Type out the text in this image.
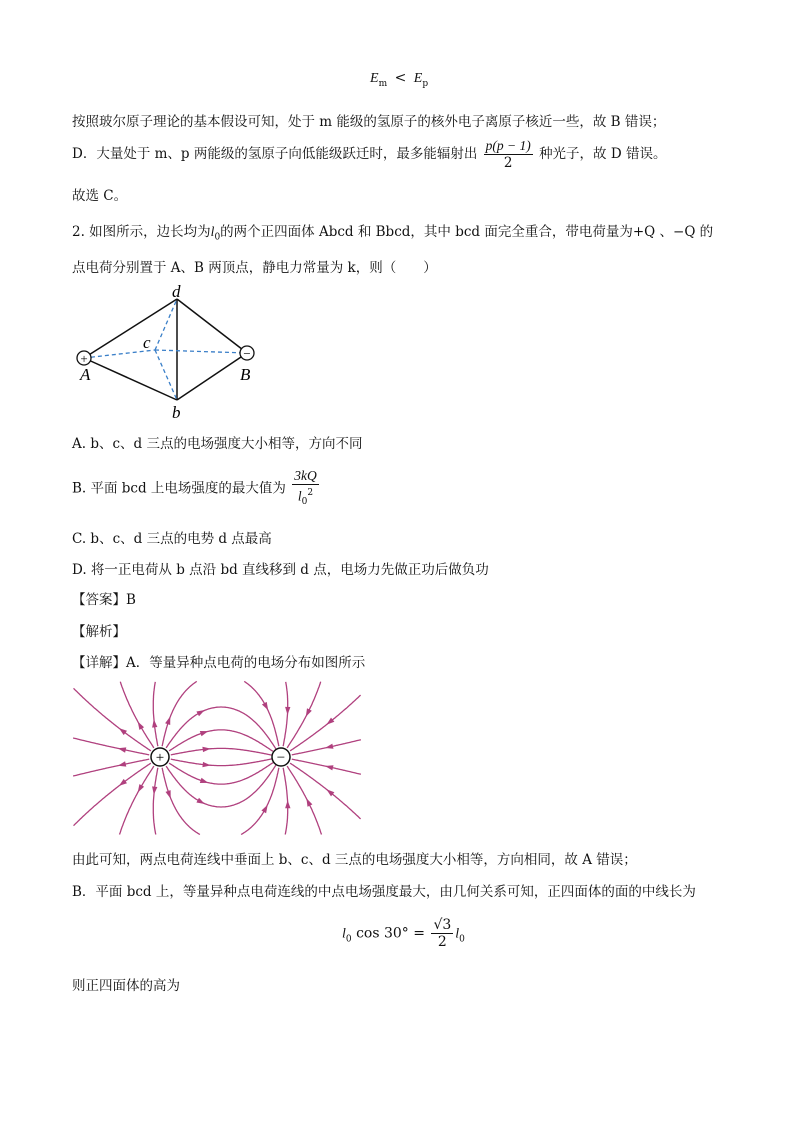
$E_m < E_p$
按照玻尔原子理论的基本假设可知，处于 m 能级的氢原子的核外电子离原子核近一些，故 B 错误；
D．大量处于 m、p 两能级的氢原子向低能级跃迁时，最多能辐射出 $\frac{p(p - 1)}{2}$ 种光子，故 D 错误。
故选 C。
2. 如图所示，边长均为$l_0$的两个正四面体 Abcd 和 Bbcd，其中 bcd 面完全重合，带电荷量为+Q 、−Q 的
点电荷分别置于 A、B 两顶点，静电力常量为 k，则（　　）
+	−
d
c
A	B
b
A. b、c、d 三点的电场强度大小相等，方向不同
B. 平面 bcd 上电场强度的最大值为 $\frac{3kQ}{l_0^2}$
C. b、c、d 三点的电势 d 点最高
D. 将一正电荷从 b 点沿 bd 直线移到 d 点，电场力先做正功后做负功
【答案】B
【解析】
【详解】A．等量异种点电荷的电场分布如图所示
+	−
由此可知，两点电荷连线中垂面上 b、c、d 三点的电场强度大小相等，方向相同，故 A 错误；
B．平面 bcd 上，等量异种点电荷连线的中点电场强度最大，由几何关系可知，正四面体的面的中线长为
$l_0$ $\cos 30^\circ = \frac{√3}{2} l_0$
则正四面体的高为
